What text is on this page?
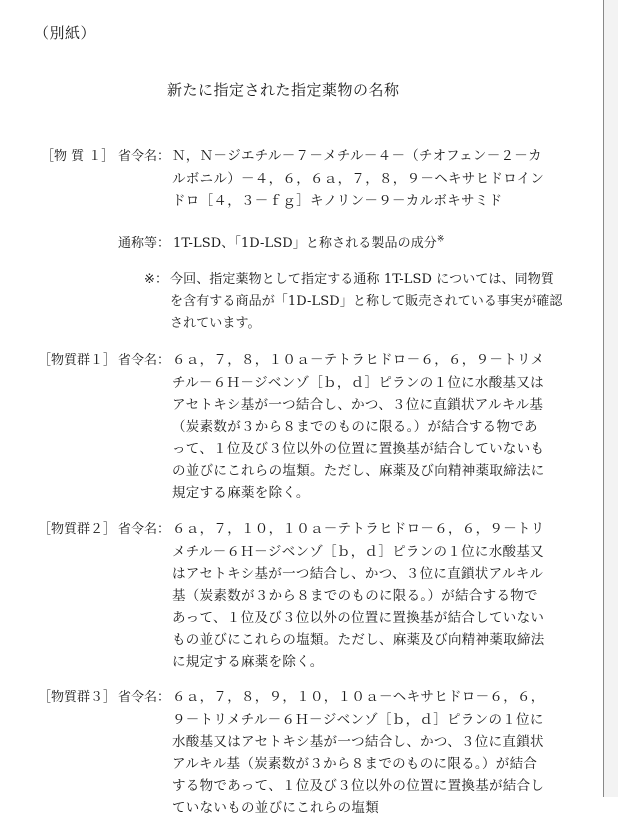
（別紙）
新たに指定された指定薬物の名称
［物 質 １］ 省令名： Ｎ，Ｎ－ジエチル－７－メチル－４－（チオフェン－２－カ
ルボニル）－４，６，６ａ，７，８，９－ヘキサヒドロイン
ドロ［４，３－ｆｇ］キノリン－９－カルボキサミド
通称等： 1T-LSD、「1D-LSD」と称される製品の成分※
※： 今回、指定薬物として指定する通称 1T-LSD については、同物質
を含有する商品が「1D-LSD」と称して販売されている事実が確認
されています。
［物質群１］ 省令名： ６ａ，７，８，１０ａ－テトラヒドロ－６，６，９－トリメ
チル－６Ｈ－ジベンゾ［ｂ，ｄ］ピランの１位に水酸基又は
アセトキシ基が一つ結合し、かつ、３位に直鎖状アルキル基
（炭素数が３から８までのものに限る。）が結合する物であ
って、１位及び３位以外の位置に置換基が結合していないも
の並びにこれらの塩類。ただし、麻薬及び向精神薬取締法に
規定する麻薬を除く。
［物質群２］ 省令名： ６ａ，７，１０，１０ａ－テトラヒドロ－６，６，９－トリ
メチル－６Ｈ－ジベンゾ［ｂ，ｄ］ピランの１位に水酸基又
はアセトキシ基が一つ結合し、かつ、３位に直鎖状アルキル
基（炭素数が３から８までのものに限る。）が結合する物で
あって、１位及び３位以外の位置に置換基が結合していない
もの並びにこれらの塩類。ただし、麻薬及び向精神薬取締法
に規定する麻薬を除く。
［物質群３］ 省令名： ６ａ，７，８，９，１０，１０ａ－ヘキサヒドロ－６，６，
９－トリメチル－６Ｈ－ジベンゾ［ｂ，ｄ］ピランの１位に
水酸基又はアセトキシ基が一つ結合し、かつ、３位に直鎖状
アルキル基（炭素数が３から８までのものに限る。）が結合
する物であって、１位及び３位以外の位置に置換基が結合し
ていないもの並びにこれらの塩類
